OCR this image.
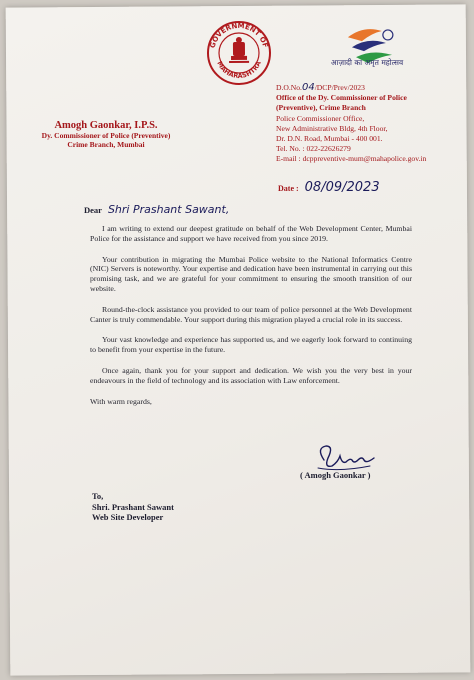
GOVERNMENT OF
MAHARASHTRA	आज़ादी का अमृत महोत्सव
D.O.No.04/DCP/Prev/2023
Office of the Dy. Commissioner of Police
(Preventive), Crime Branch
Police Commissioner Office,
New Administrative Bldg, 4th Floor,
Dr. D.N. Road, Mumbai - 400 001.
Tel. No. : 022-22626279
E-mail : dcppreventive-mum@mahapolice.gov.in
Amogh Gaonkar, I.P.S.
Dy. Commissioner of Police (Preventive)
Crime Branch, Mumbai
Date : 08/09/2023
Dear Shri Prashant Sawant,

I am writing to extend our deepest gratitude on behalf of the Web Development Center, Mumbai Police for the assistance and support we have received from you since 2019.

Your contribution in migrating the Mumbai Police website to the National Informatics Centre (NIC) Servers is noteworthy. Your expertise and dedication have been instrumental in carrying out this promising task, and we are grateful for your commitment to ensuring the smooth transition of our website.

Round-the-clock assistance you provided to our team of police personnel at the Web Development Canter is truly commendable. Your support during this migration played a crucial role in its success.

Your vast knowledge and experience has supported us, and we eagerly look forward to continuing to benefit from your expertise in the future.

Once again, thank you for your support and dedication. We wish you the very best in your endeavours in the field of technology and its association with Law enforcement.

With warm regards,

( Amogh Gaonkar )
To,
Shri. Prashant Sawant
Web Site Developer
